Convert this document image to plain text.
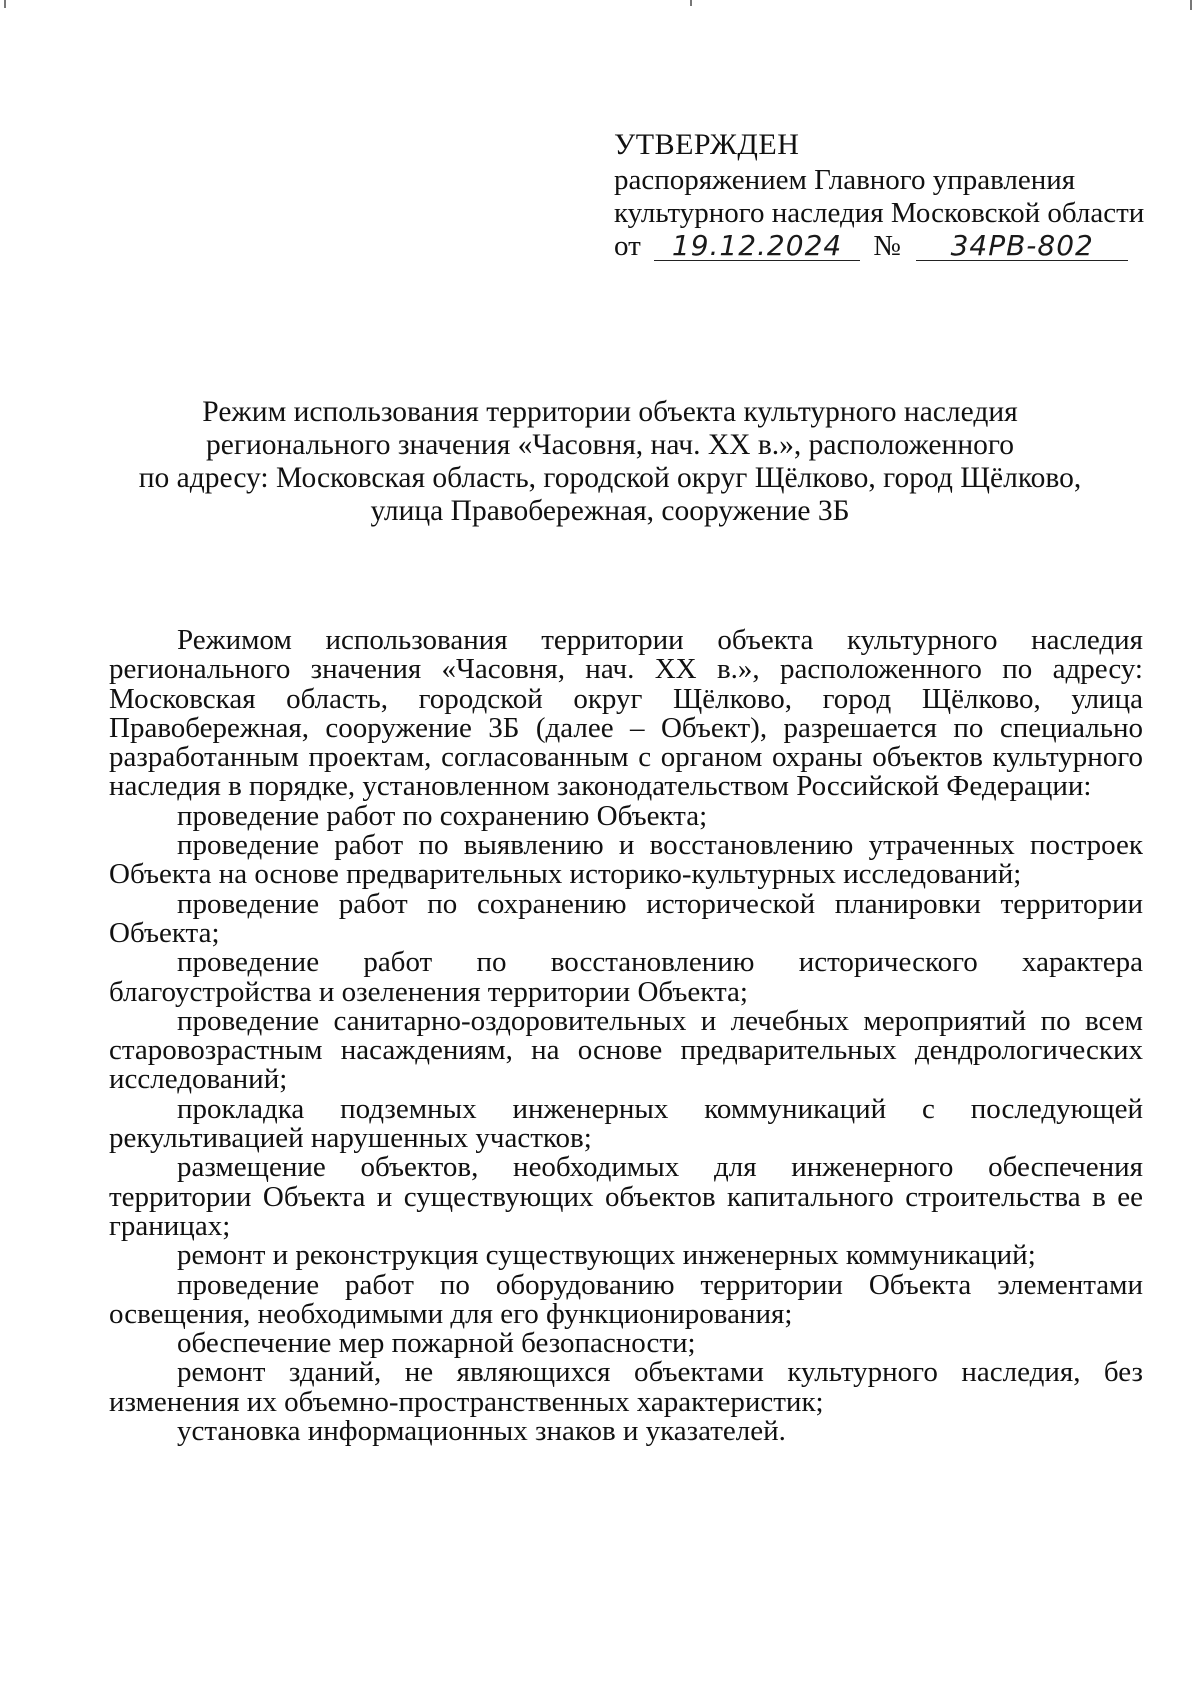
УТВЕРЖДЕН
распоряжением Главного управления
культурного наследия Московской области
от 19.12.2024 № 34РВ-802
Режим использования территории объекта культурного наследия
регионального значения «Часовня, нач. XX в.», расположенного
по адресу: Московская область, городской округ Щёлково, город Щёлково,
улица Правобережная, сооружение 3Б

Режимом использования территории объекта культурного наследия регионального значения «Часовня, нач. XX в.», расположенного по адресу: Московская область, городской округ Щёлково, город Щёлково, улица Правобережная, сооружение 3Б (далее – Объект), разрешается по специально разработанным проектам, согласованным с органом охраны объектов культурного наследия в порядке, установленном законодательством Российской Федерации:

проведение работ по сохранению Объекта;

проведение работ по выявлению и восстановлению утраченных построек Объекта на основе предварительных историко-культурных исследований;

проведение работ по сохранению исторической планировки территории Объекта;

проведение работ по восстановлению исторического характера благоустройства и озеленения территории Объекта;

проведение санитарно-оздоровительных и лечебных мероприятий по всем старовозрастным насаждениям, на основе предварительных дендрологических исследований;

прокладка подземных инженерных коммуникаций с последующей рекультивацией нарушенных участков;

размещение объектов, необходимых для инженерного обеспечения территории Объекта и существующих объектов капитального строительства в ее границах;

ремонт и реконструкция существующих инженерных коммуникаций;

проведение работ по оборудованию территории Объекта элементами освещения, необходимыми для его функционирования;

обеспечение мер пожарной безопасности;

ремонт зданий, не являющихся объектами культурного наследия, без изменения их объемно-пространственных характеристик;

установка информационных знаков и указателей.
